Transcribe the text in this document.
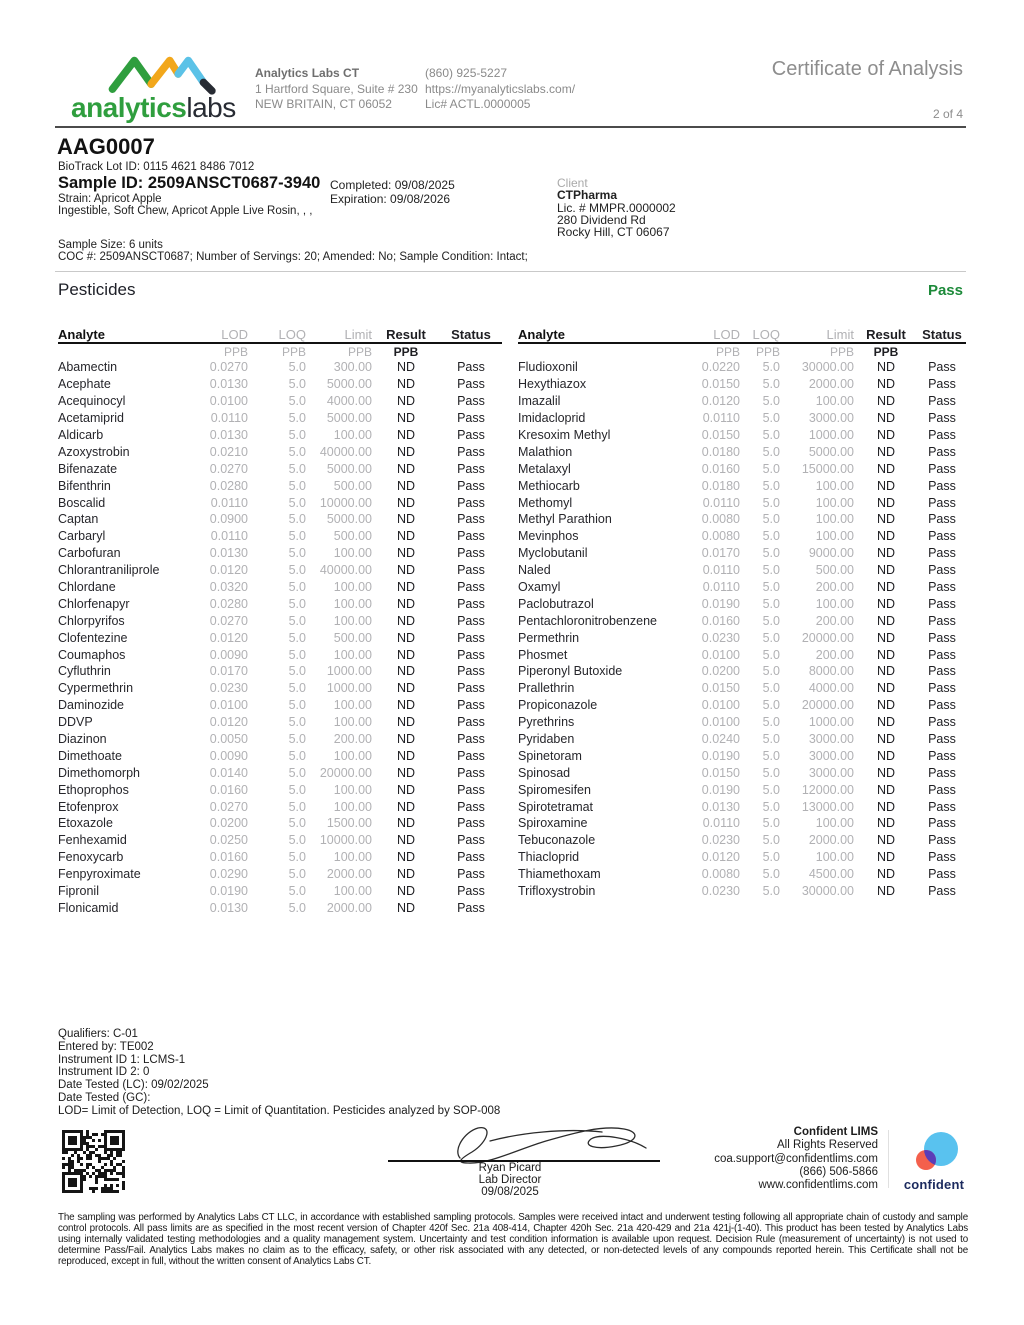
analyticslabs
Analytics Labs CT
1 Hartford Square, Suite # 230
NEW BRITAIN, CT 06052
(860) 925-5227
https://myanalyticslabs.com/
Lic# ACTL.0000005
Certificate of Analysis
2 of 4
AAG0007
BioTrack Lot ID: 0115 4621 8486 7012
Sample ID: 2509ANSCT0687-3940 Completed: 09/08/2025
Strain: Apricot Apple	Expiration: 09/08/2026
Ingestible, Soft Chew, Apricot Apple Live Rosin, , ,
Client
CTPharma
Lic. # MMPR.0000002
280 Dividend Rd
Rocky Hill, CT 06067
Sample Size: 6 units
COC #: 2509ANSCT0687; Number of Servings: 20; Amended: No; Sample Condition: Intact;
Pesticides	Pass
Analyte	LOD	LOQ	Limit	Result	Status
PPB	PPB	PPB	PPB
Abamectin	0.0270	5.0	300.00	ND	Pass
Acephate	0.0130	5.0	5000.00	ND	Pass
Acequinocyl	0.0100	5.0	4000.00	ND	Pass
Acetamiprid	0.0110	5.0	5000.00	ND	Pass
Aldicarb	0.0130	5.0	100.00	ND	Pass
Azoxystrobin	0.0210	5.0	40000.00	ND	Pass
Bifenazate	0.0270	5.0	5000.00	ND	Pass
Bifenthrin	0.0280	5.0	500.00	ND	Pass
Boscalid	0.0110	5.0	10000.00	ND	Pass
Captan	0.0900	5.0	5000.00	ND	Pass
Carbaryl	0.0110	5.0	500.00	ND	Pass
Carbofuran	0.0130	5.0	100.00	ND	Pass
Chlorantraniliprole	0.0120	5.0	40000.00	ND	Pass
Chlordane	0.0320	5.0	100.00	ND	Pass
Chlorfenapyr	0.0280	5.0	100.00	ND	Pass
Chlorpyrifos	0.0270	5.0	100.00	ND	Pass
Clofentezine	0.0120	5.0	500.00	ND	Pass
Coumaphos	0.0090	5.0	100.00	ND	Pass
Cyfluthrin	0.0170	5.0	1000.00	ND	Pass
Cypermethrin	0.0230	5.0	1000.00	ND	Pass
Daminozide	0.0100	5.0	100.00	ND	Pass
DDVP	0.0120	5.0	100.00	ND	Pass
Diazinon	0.0050	5.0	200.00	ND	Pass
Dimethoate	0.0090	5.0	100.00	ND	Pass
Dimethomorph	0.0140	5.0	20000.00	ND	Pass
Ethoprophos	0.0160	5.0	100.00	ND	Pass
Etofenprox	0.0270	5.0	100.00	ND	Pass
Etoxazole	0.0200	5.0	1500.00	ND	Pass
Fenhexamid	0.0250	5.0	10000.00	ND	Pass
Fenoxycarb	0.0160	5.0	100.00	ND	Pass
Fenpyroximate	0.0290	5.0	2000.00	ND	Pass
Fipronil	0.0190	5.0	100.00	ND	Pass
Flonicamid	0.0130	5.0	2000.00	ND	Pass
Analyte	LOD LOQ	Limit Result	Status
PPB	PPB	PPB	PPB
Fludioxonil	0.0220	5.0	30000.00	ND	Pass
Hexythiazox	0.0150	5.0	2000.00	ND	Pass
Imazalil	0.0120	5.0	100.00	ND	Pass
Imidacloprid	0.0110	5.0	3000.00	ND	Pass
Kresoxim Methyl	0.0150	5.0	1000.00	ND	Pass
Malathion	0.0180	5.0	5000.00	ND	Pass
Metalaxyl	0.0160	5.0	15000.00	ND	Pass
Methiocarb	0.0180	5.0	100.00	ND	Pass
Methomyl	0.0110	5.0	100.00	ND	Pass
Methyl Parathion	0.0080	5.0	100.00	ND	Pass
Mevinphos	0.0080	5.0	100.00	ND	Pass
Myclobutanil	0.0170	5.0	9000.00	ND	Pass
Naled	0.0110	5.0	500.00	ND	Pass
Oxamyl	0.0110	5.0	200.00	ND	Pass
Paclobutrazol	0.0190	5.0	100.00	ND	Pass
Pentachloronitrobenzene	0.0160	5.0	200.00	ND	Pass
Permethrin	0.0230	5.0	20000.00	ND	Pass
Phosmet	0.0100	5.0	200.00	ND	Pass
Piperonyl Butoxide	0.0200	5.0	8000.00	ND	Pass
Prallethrin	0.0150	5.0	4000.00	ND	Pass
Propiconazole	0.0100	5.0	20000.00	ND	Pass
Pyrethrins	0.0100	5.0	1000.00	ND	Pass
Pyridaben	0.0240	5.0	3000.00	ND	Pass
Spinetoram	0.0190	5.0	3000.00	ND	Pass
Spinosad	0.0150	5.0	3000.00	ND	Pass
Spiromesifen	0.0190	5.0	12000.00	ND	Pass
Spirotetramat	0.0130	5.0	13000.00	ND	Pass
Spiroxamine	0.0110	5.0	100.00	ND	Pass
Tebuconazole	0.0230	5.0	2000.00	ND	Pass
Thiacloprid	0.0120	5.0	100.00	ND	Pass
Thiamethoxam	0.0080	5.0	4500.00	ND	Pass
Trifloxystrobin	0.0230	5.0	30000.00	ND	Pass
Qualifiers: C-01
Entered by: TE002
Instrument ID 1: LCMS-1
Instrument ID 2: 0
Date Tested (LC): 09/02/2025
Date Tested (GC):
LOD= Limit of Detection, LOQ = Limit of Quantitation. Pesticides analyzed by SOP-008
Ryan Picard
Lab Director
09/08/2025
Confident LIMS
All Rights Reserved
coa.support@confidentlims.com
(866) 506-5866
www.confidentlims.com	confident
The sampling was performed by Analytics Labs CT LLC, in accordance with established sampling protocols. Samples were received intact and underwent testing following all appropriate chain of custody and sample control protocols. All pass limits are as specified in the most recent version of Chapter 420f Sec. 21a 408-414, Chapter 420h Sec. 21a 420-429 and 21a 421j-(1-40). This product has been tested by Analytics Labs using internally validated testing methodologies and a quality management system. Uncertainty and test condition information is available upon request. Decision Rule (measurement of uncertainty) is not used to determine Pass/Fail. Analytics Labs makes no claim as to the efficacy, safety, or other risk associated with any detected, or non-detected levels of any compounds reported herein. This Certificate shall not be reproduced, except in full, without the written consent of Analytics Labs CT.
